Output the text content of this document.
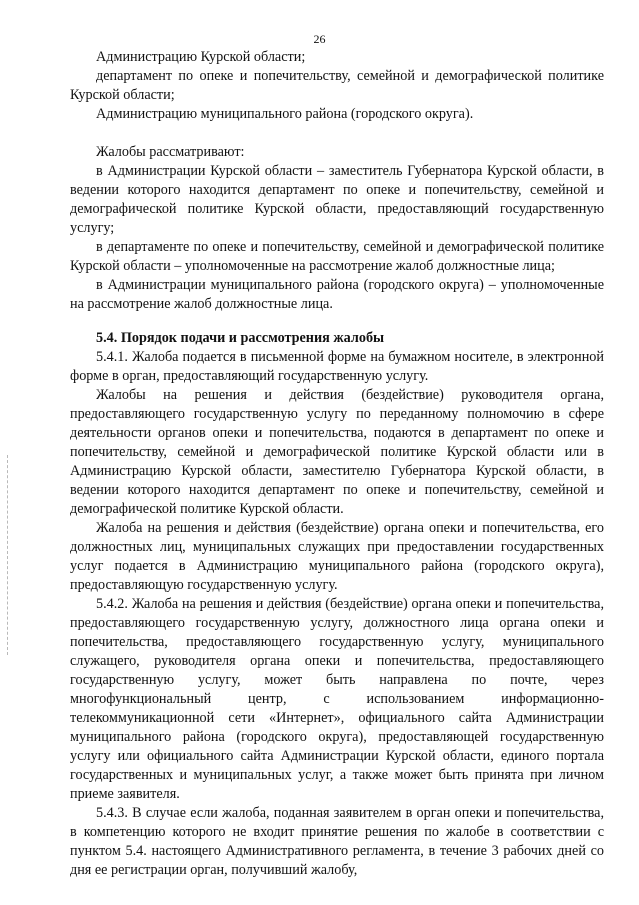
26

Администрацию Курской области;

департамент по опеке и попечительству, семейной и демографической политике Курской области;

Администрацию муниципального района (городского округа).

Жалобы рассматривают:

в Администрации Курской области – заместитель Губернатора Курской области, в ведении которого находится департамент по опеке и попечительству, семейной и демографической политике Курской области, предоставляющий государственную услугу;

в департаменте по опеке и попечительству, семейной и демографической политике Курской области – уполномоченные на рассмотрение жалоб должностные лица;

в Администрации муниципального района (городского округа) – уполномоченные на рассмотрение жалоб должностные лица.

5.4. Порядок подачи и рассмотрения жалобы

5.4.1. Жалоба подается в письменной форме на бумажном носителе, в электронной форме в орган, предоставляющий государственную услугу.

Жалобы на решения и действия (бездействие) руководителя органа, предоставляющего государственную услугу по переданному полномочию в сфере деятельности органов опеки и попечительства, подаются в департамент по опеке и попечительству, семейной и демографической политике Курской области или в Администрацию Курской области, заместителю Губернатора Курской области, в ведении которого находится департамент по опеке и попечительству, семейной и демографической политике Курской области.

Жалоба на решения и действия (бездействие) органа опеки и попечительства, его должностных лиц, муниципальных служащих при предоставлении государственных услуг подается в Администрацию муниципального района (городского округа), предоставляющую государственную услугу.

5.4.2. Жалоба на решения и действия (бездействие) органа опеки и попечительства, предоставляющего государственную услугу, должностного лица органа опеки и попечительства, предоставляющего государственную услугу, муниципального служащего, руководителя органа опеки и попечительства, предоставляющего государственную услугу, может быть направлена по почте, через многофункциональный центр, с использованием информационно-телекоммуникационной сети «Интернет», официального сайта Администрации муниципального района (городского округа), предоставляющей государственную услугу или официального сайта Администрации Курской области, единого портала государственных и муниципальных услуг, а также может быть принята при личном приеме заявителя.

5.4.3. В случае если жалоба, поданная заявителем в орган опеки и попечительства, в компетенцию которого не входит принятие решения по жалобе в соответствии с пунктом 5.4. настоящего Административного регламента, в течение 3 рабочих дней со дня ее регистрации орган, получивший жалобу,
